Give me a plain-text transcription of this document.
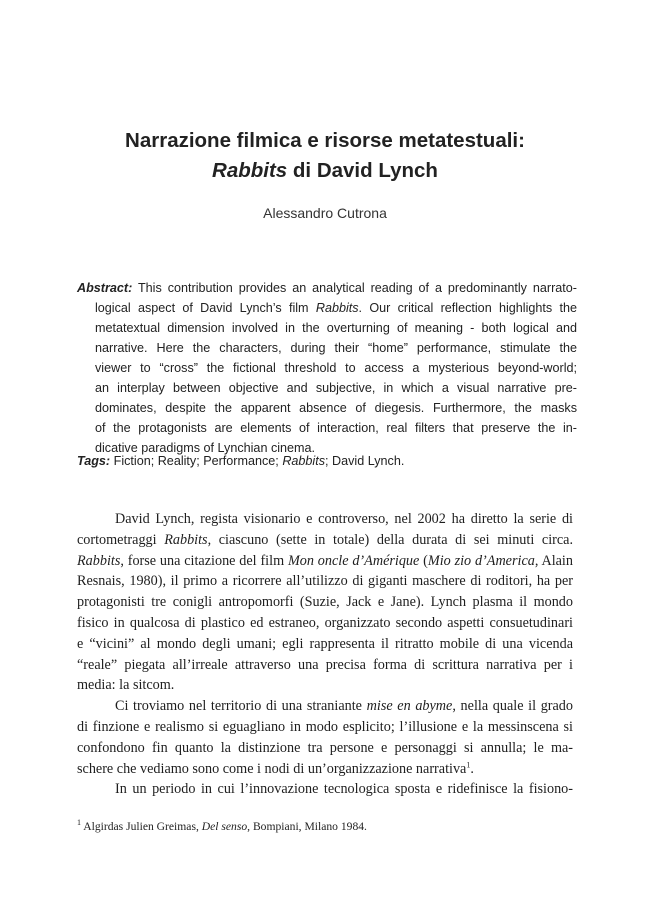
Narrazione filmica e risorse metatestuali:
Rabbits di David Lynch
Alessandro Cutrona
Abstract: This contribution provides an analytical reading of a predominantly narrato-
logical aspect of David Lynch’s film Rabbits. Our critical reflection highlights the
metatextual dimension involved in the overturning of meaning - both logical and
narrative. Here the characters, during their “home” performance, stimulate the
viewer to “cross” the fictional threshold to access a mysterious beyond-world;
an interplay between objective and subjective, in which a visual narrative pre-
dominates, despite the apparent absence of diegesis. Furthermore, the masks
of the protagonists are elements of interaction, real filters that preserve the in-
dicative paradigms of Lynchian cinema.
Tags: Fiction; Reality; Performance; Rabbits; David Lynch.
David Lynch, regista visionario e controverso, nel 2002 ha diretto la serie di
cortometraggi Rabbits, ciascuno (sette in totale) della durata di sei minuti circa.
Rabbits, forse una citazione del film Mon oncle d’Amérique (Mio zio d’America, Alain
Resnais, 1980), il primo a ricorrere all’utilizzo di giganti maschere di roditori, ha per
protagonisti tre conigli antropomorfi (Suzie, Jack e Jane). Lynch plasma il mondo
fisico in qualcosa di plastico ed estraneo, organizzato secondo aspetti consuetudinari
e “vicini” al mondo degli umani; egli rappresenta il ritratto mobile di una vicenda
“reale” piegata all’irreale attraverso una precisa forma di scrittura narrativa per i
media: la sitcom.
Ci troviamo nel territorio di una straniante mise en abyme, nella quale il grado
di finzione e realismo si eguagliano in modo esplicito; l’illusione e la messinscena si
confondono fin quanto la distinzione tra persone e personaggi si annulla; le ma-
schere che vediamo sono come i nodi di un’organizzazione narrativa$^1$.
In un periodo in cui l’innovazione tecnologica sposta e ridefinisce la fisiono-
$^1$ Algirdas Julien Greimas, Del senso, Bompiani, Milano 1984.
